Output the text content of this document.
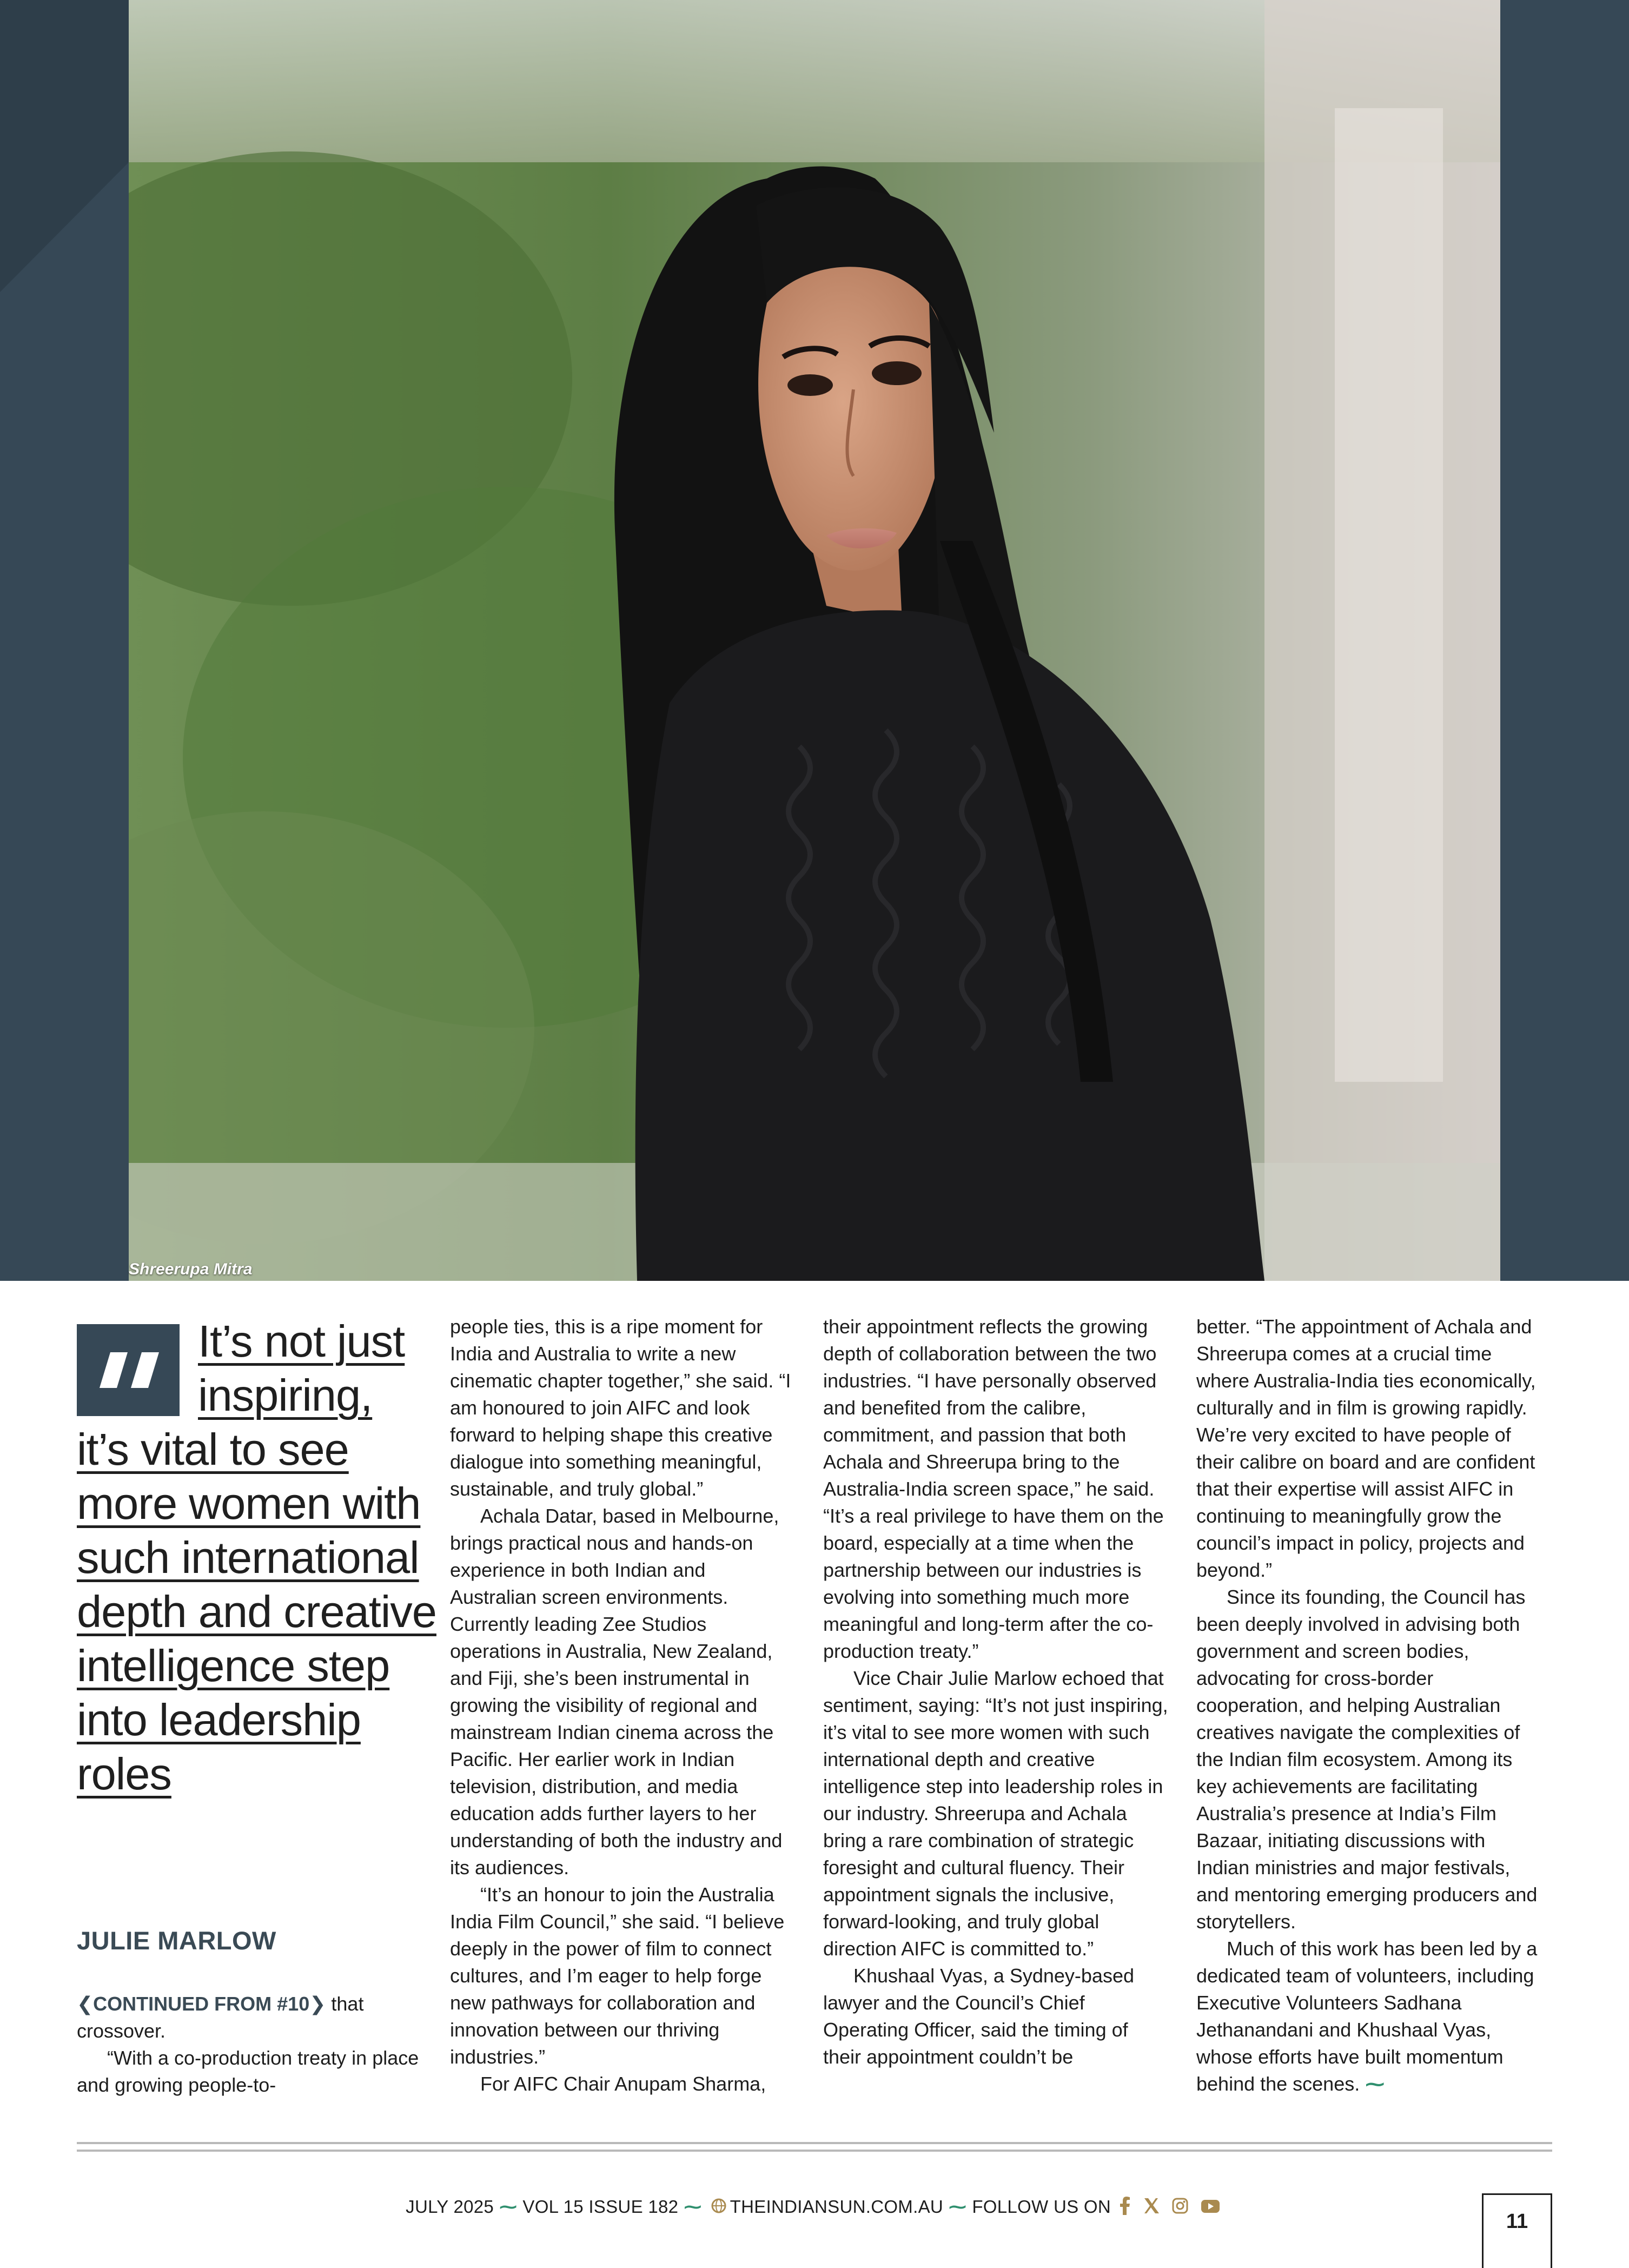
Shreerupa Mitra
It’s not just
inspiring,
it’s vital to see more women with such international depth and creative intelligence step into leadership roles
JULIE MARLOW

❮CONTINUED FROM #10❯ that crossover.

“With a co-production treaty in place and growing people-to-

people ties, this is a ripe moment for India and Australia to write a new cinematic chapter together,” she said. “I am honoured to join AIFC and look forward to helping shape this creative dialogue into something meaningful, sustainable, and truly global.”

Achala Datar, based in Melbourne, brings practical nous and hands-on experience in both Indian and Australian screen environments. Currently leading Zee Studios operations in Australia, New Zealand, and Fiji, she’s been instrumental in growing the visibility of regional and mainstream Indian cinema across the Pacific. Her earlier work in Indian television, distribution, and media education adds further layers to her understanding of both the industry and its audiences.

“It’s an honour to join the Australia India Film Council,” she said. “I believe deeply in the power of film to connect cultures, and I’m eager to help forge new pathways for collaboration and innovation between our thriving industries.”

For AIFC Chair Anupam Sharma,

their appointment reflects the growing depth of collaboration between the two industries. “I have personally observed and benefited from the calibre, commitment, and passion that both Achala and Shreerupa bring to the Australia-India screen space,” he said. “It’s a real privilege to have them on the board, especially at a time when the partnership between our industries is evolving into something much more meaningful and long-term after the co-production treaty.”

Vice Chair Julie Marlow echoed that sentiment, saying: “It’s not just inspiring, it’s vital to see more women with such international depth and creative intelligence step into leadership roles in our industry. Shreerupa and Achala bring a rare combination of strategic foresight and cultural fluency. Their appointment signals the inclusive, forward-looking, and truly global direction AIFC is committed to.”

Khushaal Vyas, a Sydney-based lawyer and the Council’s Chief Operating Officer, said the timing of their appointment couldn’t be

better. “The appointment of Achala and Shreerupa comes at a crucial time where Australia-India ties economically, culturally and in film is growing rapidly. We’re very excited to have people of their calibre on board and are confident that their expertise will assist AIFC in continuing to meaningfully grow the council’s impact in policy, projects and beyond.”

Since its founding, the Council has been deeply involved in advising both government and screen bodies, advocating for cross-border cooperation, and helping Australian creatives navigate the complexities of the Indian film ecosystem. Among its key achievements are facilitating Australia’s presence at India’s Film Bazaar, initiating discussions with Indian ministries and major festivals, and mentoring emerging producers and storytellers.

Much of this work has been led by a dedicated team of volunteers, including Executive Volunteers Sadhana Jethanandani and Khushaal Vyas, whose efforts have built momentum behind the scenes. ⁓

JULY 2025 ⁓ VOL 15 ISSUE 182 ⁓ THEINDIANSUN.COM.AU ⁓ FOLLOW US ON
11
